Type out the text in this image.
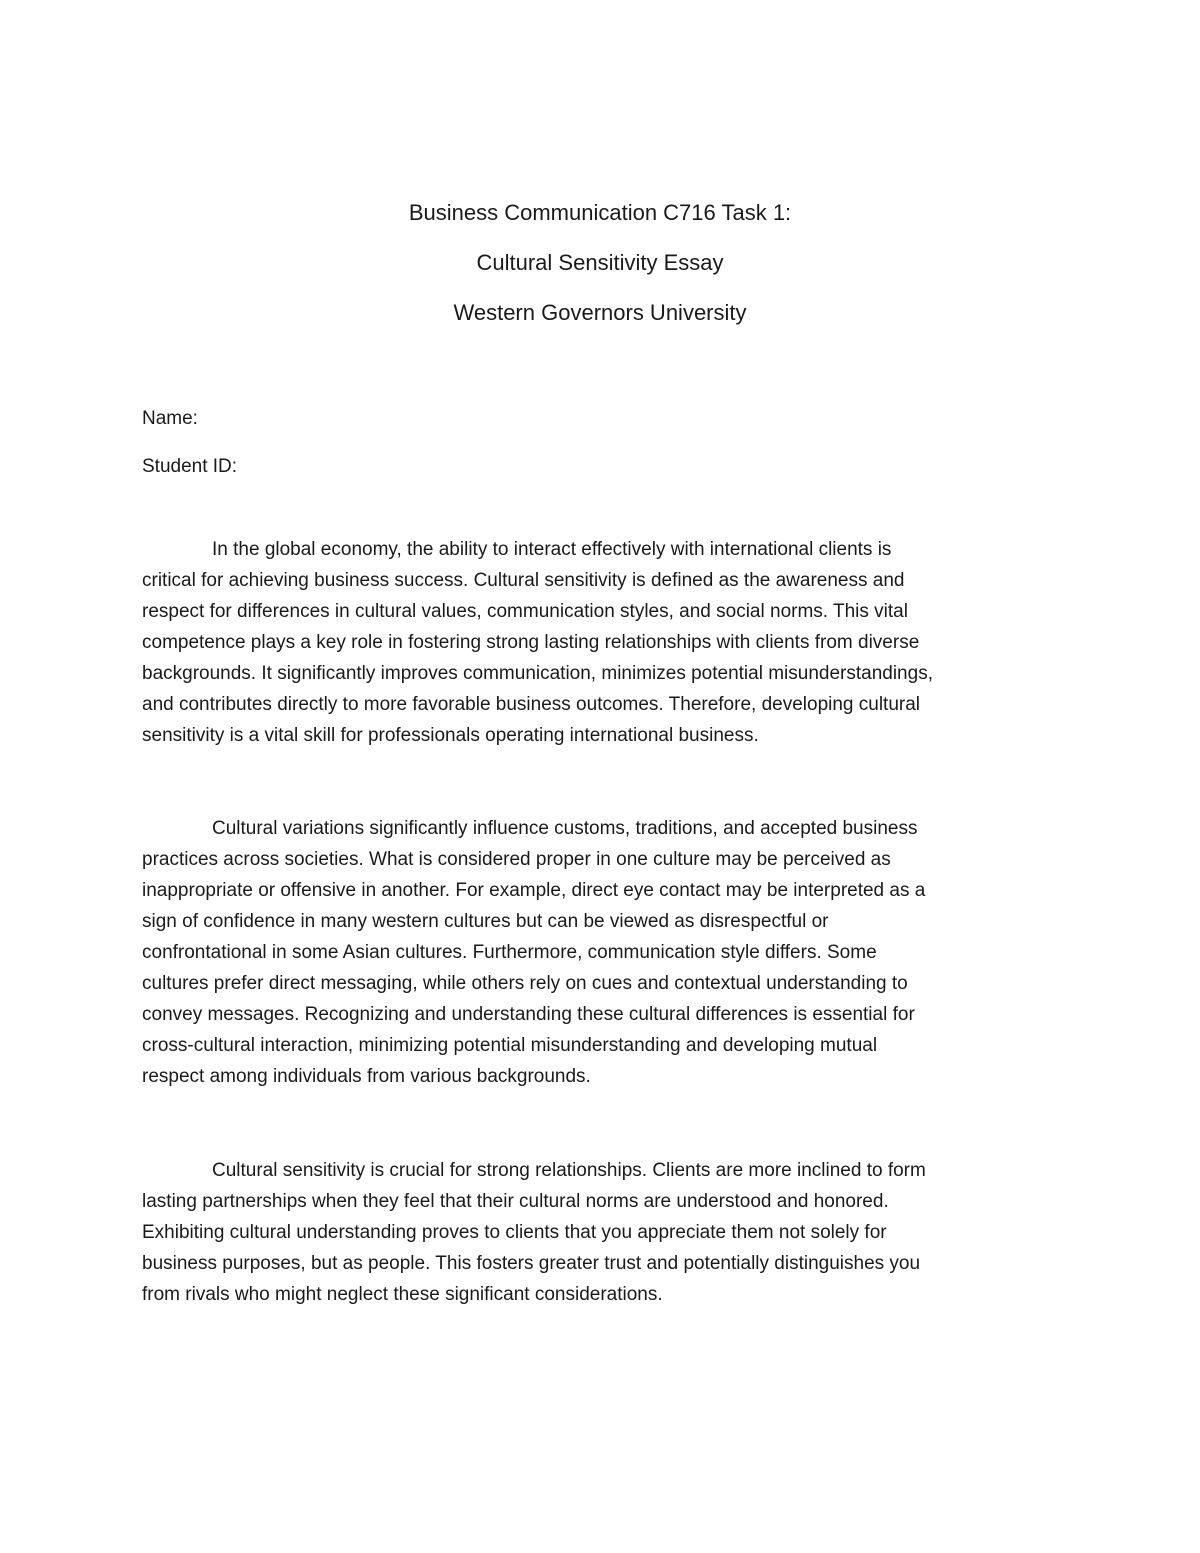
Business Communication C716 Task 1:
Cultural Sensitivity Essay
Western Governors University
Name:
Student ID:
In the global economy, the ability to interact effectively with international clients is
critical for achieving business success. Cultural sensitivity is defined as the awareness and
respect for differences in cultural values, communication styles, and social norms. This vital
competence plays a key role in fostering strong lasting relationships with clients from diverse
backgrounds. It significantly improves communication, minimizes potential misunderstandings,
and contributes directly to more favorable business outcomes. Therefore, developing cultural
sensitivity is a vital skill for professionals operating international business.
Cultural variations significantly influence customs, traditions, and accepted business
practices across societies. What is considered proper in one culture may be perceived as
inappropriate or offensive in another. For example, direct eye contact may be interpreted as a
sign of confidence in many western cultures but can be viewed as disrespectful or
confrontational in some Asian cultures. Furthermore, communication style differs. Some
cultures prefer direct messaging, while others rely on cues and contextual understanding to
convey messages. Recognizing and understanding these cultural differences is essential for
cross-cultural interaction, minimizing potential misunderstanding and developing mutual
respect among individuals from various backgrounds.
Cultural sensitivity is crucial for strong relationships. Clients are more inclined to form
lasting partnerships when they feel that their cultural norms are understood and honored.
Exhibiting cultural understanding proves to clients that you appreciate them not solely for
business purposes, but as people. This fosters greater trust and potentially distinguishes you
from rivals who might neglect these significant considerations.
